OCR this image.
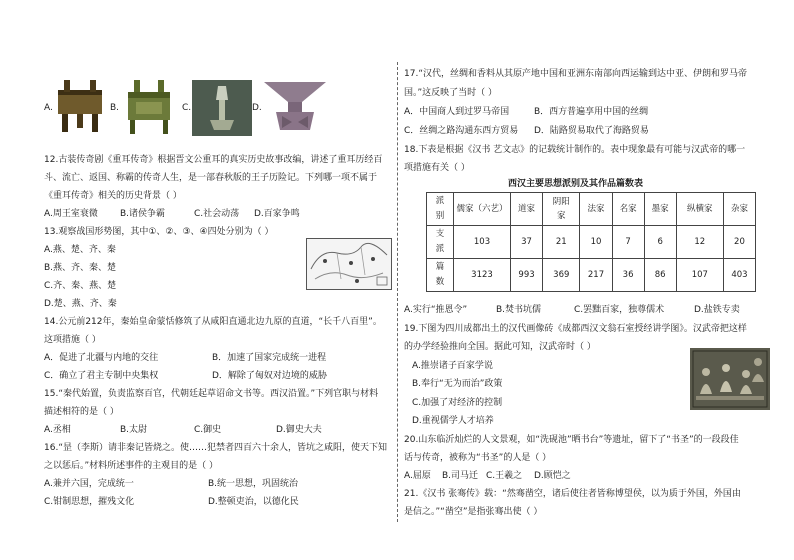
A.	B.	C.	D.
12.古装传奇剧《重耳传奇》根据晋文公重耳的真实历史故事改编，讲述了重耳历经百
斗、流亡、返国、称霸的传奇人生，是一部春秋版的王子历险记。下列哪一项不属于
《重耳传奇》相关的历史背景（ ）
A.周王室衰微 B.诸侯争霸	C.社会动荡 D.百家争鸣
13.观察战国形势图，其中①、②、③、④四处分别为（ ）
A.燕、楚、齐、秦
B.燕、齐、秦、楚
C.齐、秦、燕、楚
D.楚、燕、齐、秦
14.公元前212年，秦始皇命蒙恬修筑了从咸阳直通北边九原的直道，“长千八百里”。
这项措施（ ）
A．促进了北疆与内地的交往	B．加速了国家完成统一进程
C．确立了君主专制中央集权	D．解除了匈奴对边境的威胁
15.“秦代始置，负责监察百官，代朝廷起草诏命文书等。西汉沿置。”下列官职与材料
描述相符的是（ ）
A.丞相	B.太尉	C.御史	D.御史大夫
16.“昰（李斯）请非秦记皆烧之。使……犯禁者四百六十余人，皆坑之咸阳，使天下知
之以惩后。”材料所述事件的主观目的是（ ）
A.兼并六国，完成统一	B.统一思想，巩固统治
C.钳制思想，摧残文化	D.整顿吏治，以德化民
17.“汉代，丝绸和香料从其原产地中国和亚洲东南部向西运输到达中亚、伊朗和罗马帝
国。”这反映了当时（ ）
A．中国商人到过罗马帝国	B．西方普遍享用中国的丝绸
C．丝绸之路沟通东西方贸易 D．陆路贸易取代了海路贸易
18.下表是根据《汉书 艺文志》的记载统计制作的。表中现象最有可能与汉武帝的哪一
项措施有关（ ）
西汉主要思想派别及其作品篇数表
派别	儒家（六艺）	道家	阴阳家	法家	名家	墨家	纵横家	杂家

支派	103	37	21	10	7	6	12	20

篇数	3123	993	369	217	36	86	107	403
A.实行“推恩令”	B.焚书坑儒	C.罢黜百家，独尊儒术	D.盐铁专卖
19.下图为四川成都出土的汉代画像砖《成都西汉文翁石室授经讲学图》。汉武帝把这样
的办学经验推向全国。据此可知，汉武帝时（ ）
A.推崇诸子百家学说
B.奉行“无为而治”政策
C.加强了对经济的控制
D.重视儒学人才培养
20.山东临沂灿烂的人文景观，如“洗砚池”晒书台”等遗址，留下了“书圣”的一段段佳
话与传奇，被称为“书圣”的人是（ ）
A.屈原 B.司马迁 C.王羲之 D.顾恺之
21.《汉书 张骞传》载：“然骞凿空，诸后使往者皆称博望侯，以为质于外国，外国由
是信之。”“凿空”是指张骞出使（ ）
